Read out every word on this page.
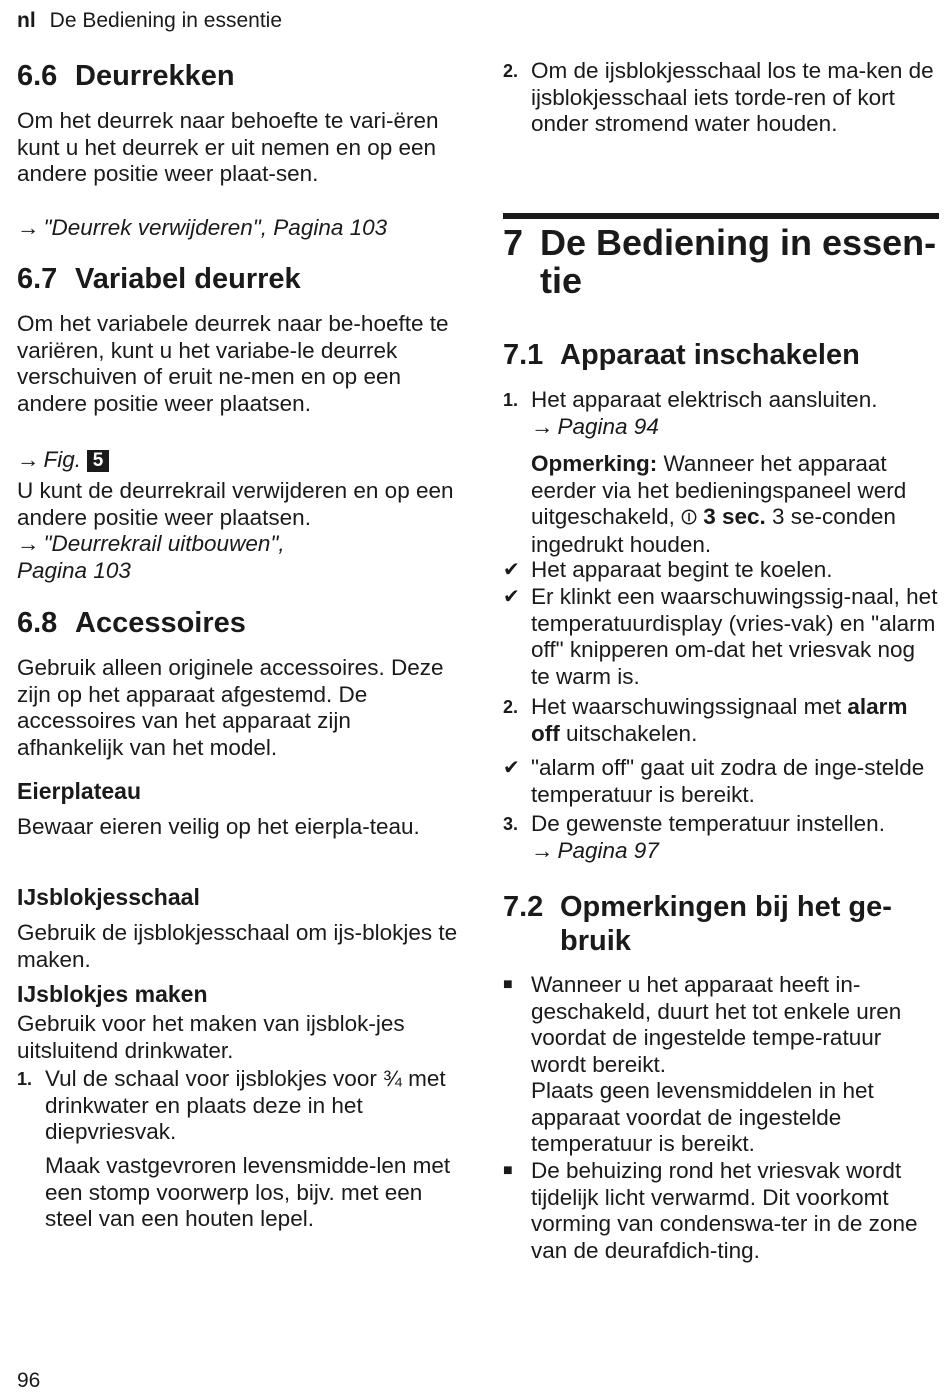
nl De Bediening in essentie
6.6 Deurrekken

Om het deurrek naar behoefte te vari-ëren kunt u het deurrek er uit nemen en op een andere positie weer plaat-sen.

→ "Deurrek verwijderen", Pagina 103

6.7 Variabel deurrek

Om het variabele deurrek naar be-hoefte te variëren, kunt u het variabe-le deurrek verschuiven of eruit ne-men en op een andere positie weer plaatsen.

→ Fig. 5

U kunt de deurrekrail verwijderen en op een andere positie weer plaatsen.

→ "Deurrekrail uitbouwen",
Pagina 103

6.8 Accessoires

Gebruik alleen originele accessoires. Deze zijn op het apparaat afgestemd. De accessoires van het apparaat zijn afhankelijk van het model.

Eierplateau

Bewaar eieren veilig op het eierpla-teau.

IJsblokjesschaal

Gebruik de ijsblokjesschaal om ijs-blokjes te maken.

IJsblokjes maken

Gebruik voor het maken van ijsblok-jes uitsluitend drinkwater.

1. Vul de schaal voor ijsblokjes voor ¾ met drinkwater en plaats deze in het diepvriesvak.

Maak vastgevroren levensmidde-len met een stomp voorwerp los, bijv. met een steel van een houten lepel.

2. Om de ijsblokjesschaal los te ma-ken de ijsblokjesschaal iets torde-ren of kort onder stromend water houden.

7 De Bediening in essen-tie
7.1 Apparaat inschakelen
1. Het apparaat elektrisch aansluiten.

→ Pagina 94

Opmerking: Wanneer het apparaat eerder via het bedieningspaneel werd uitgeschakeld, ⏼ 3 sec. 3 se-conden ingedrukt houden.

✔ Het apparaat begint te koelen.

✔ Er klinkt een waarschuwingssig-naal, het temperatuurdisplay (vries-vak) en "alarm off" knipperen om-dat het vriesvak nog te warm is.

2. Het waarschuwingssignaal met alarm off uitschakelen.

✔ "alarm off" gaat uit zodra de inge-stelde temperatuur is bereikt.

3. De gewenste temperatuur instellen.

→ Pagina 97

7.2 Opmerkingen bij het ge-
bruik
■ Wanneer u het apparaat heeft in-geschakeld, duurt het tot enkele uren voordat de ingestelde tempe-ratuur wordt bereikt.

Plaats geen levensmiddelen in het apparaat voordat de ingestelde temperatuur is bereikt.

■ De behuizing rond het vriesvak wordt tijdelijk licht verwarmd. Dit voorkomt vorming van condenswa-ter in de zone van de deurafdich-ting.

96
